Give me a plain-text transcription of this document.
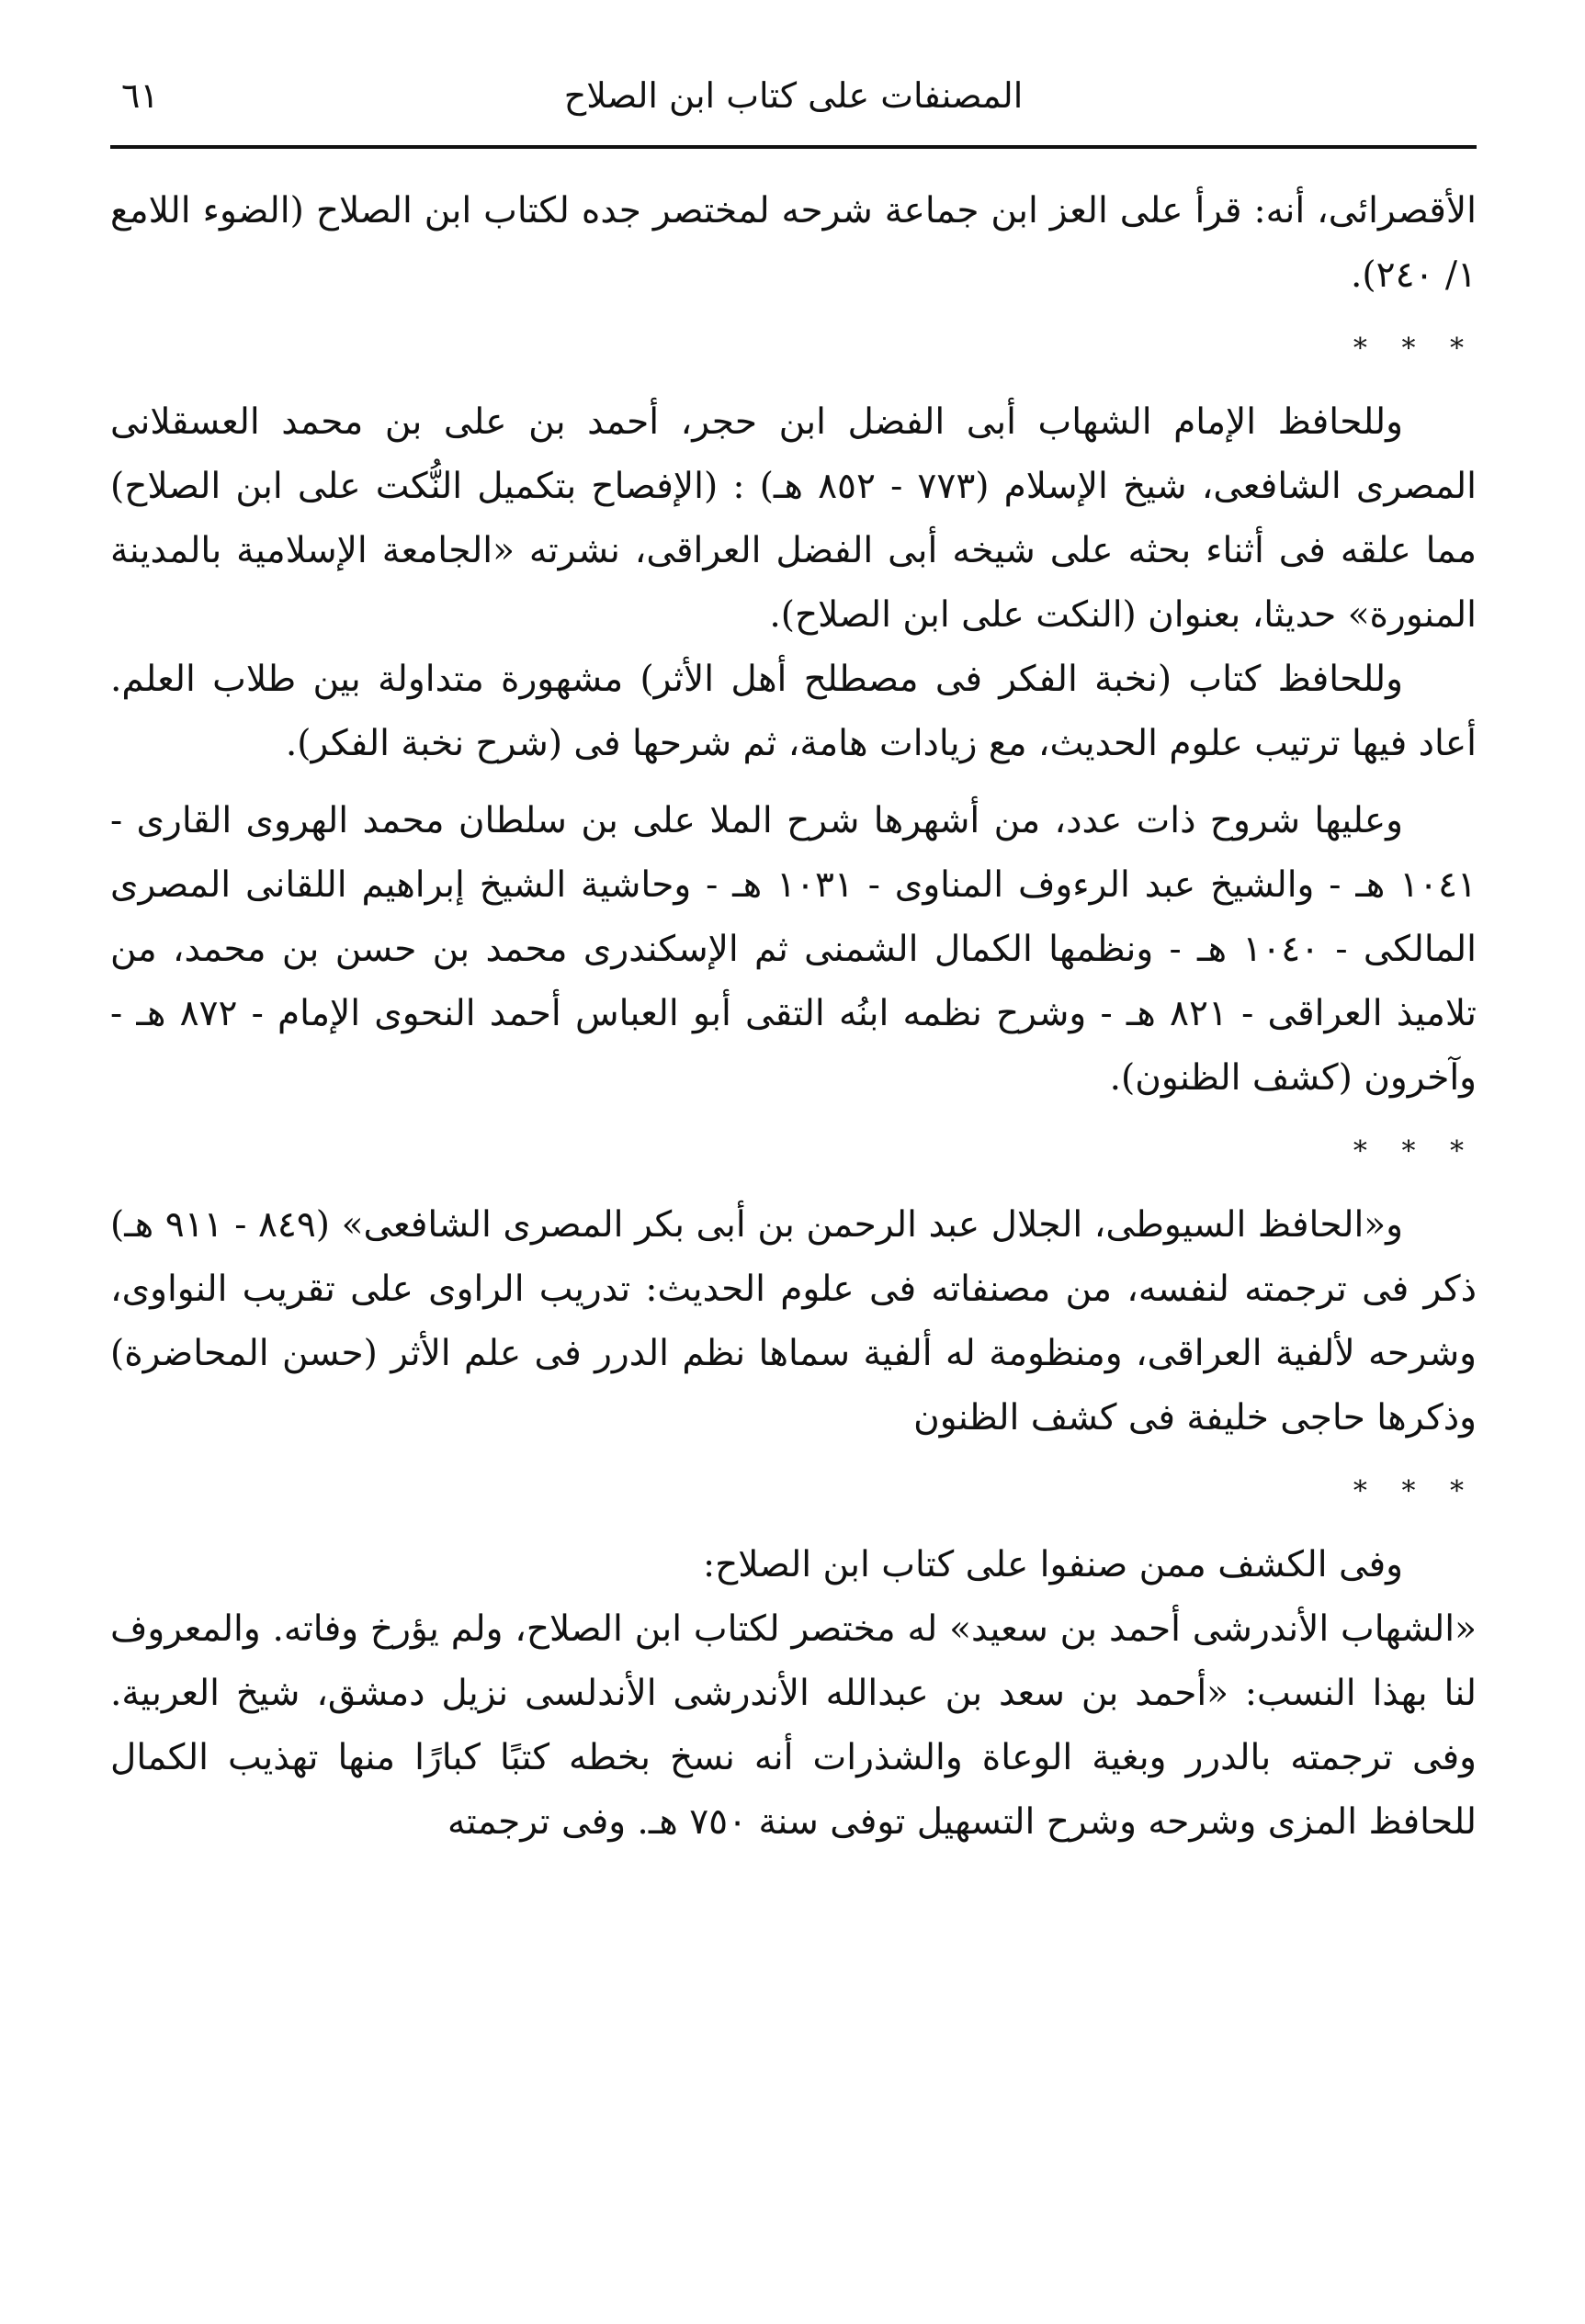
٦١	المصنفات على كتاب ابن الصلاح

الأقصرائى، أنه: قرأ على العز ابن جماعة شرحه لمختصر جده لكتاب ابن الصلاح (الضوء اللامع ١/ ٢٤٠).

* * *

وللحافظ الإمام الشهاب أبى الفضل ابن حجر، أحمد بن على بن محمد العسقلانى المصرى الشافعى، شيخ الإسلام (٧٧٣ - ٨٥٢ هـ) : (الإفصاح بتكميل النُّكت على ابن الصلاح) مما علقه فى أثناء بحثه على شيخه أبى الفضل العراقى، نشرته «الجامعة الإسلامية بالمدينة المنورة» حديثا، بعنوان (النكت على ابن الصلاح).

وللحافظ كتاب (نخبة الفكر فى مصطلح أهل الأثر) مشهورة متداولة بين طلاب العلم. أعاد فيها ترتيب علوم الحديث، مع زيادات هامة، ثم شرحها فى (شرح نخبة الفكر).

وعليها شروح ذات عدد، من أشهرها شرح الملا على بن سلطان محمد الهروى القارى - ١٠٤١ هـ - والشيخ عبد الرءوف المناوى - ١٠٣١ هـ - وحاشية الشيخ إبراهيم اللقانى المصرى المالكى - ١٠٤٠ هـ - ونظمها الكمال الشمنى ثم الإسكندرى محمد بن حسن بن محمد، من تلاميذ العراقى - ٨٢١ هـ - وشرح نظمه ابنُه التقى أبو العباس أحمد النحوى الإمام - ٨٧٢ هـ - وآخرون (كشف الظنون).

* * *

و«الحافظ السيوطى، الجلال عبد الرحمن بن أبى بكر المصرى الشافعى» (٨٤٩ - ٩١١ هـ) ذكر فى ترجمته لنفسه، من مصنفاته فى علوم الحديث: تدريب الراوى على تقريب النواوى، وشرحه لألفية العراقى، ومنظومة له ألفية سماها نظم الدرر فى علم الأثر (حسن المحاضرة) وذكرها حاجى خليفة فى كشف الظنون

* * *

وفى الكشف ممن صنفوا على كتاب ابن الصلاح:

«الشهاب الأندرشى أحمد بن سعيد» له مختصر لكتاب ابن الصلاح، ولم يؤرخ وفاته. والمعروف لنا بهذا النسب: «أحمد بن سعد بن عبدالله الأندرشى الأندلسى نزيل دمشق، شيخ العربية. وفى ترجمته بالدرر وبغية الوعاة والشذرات أنه نسخ بخطه كتبًا كبارًا منها تهذيب الكمال للحافظ المزى وشرحه وشرح التسهيل توفى سنة ٧٥٠ هـ. وفى ترجمته
